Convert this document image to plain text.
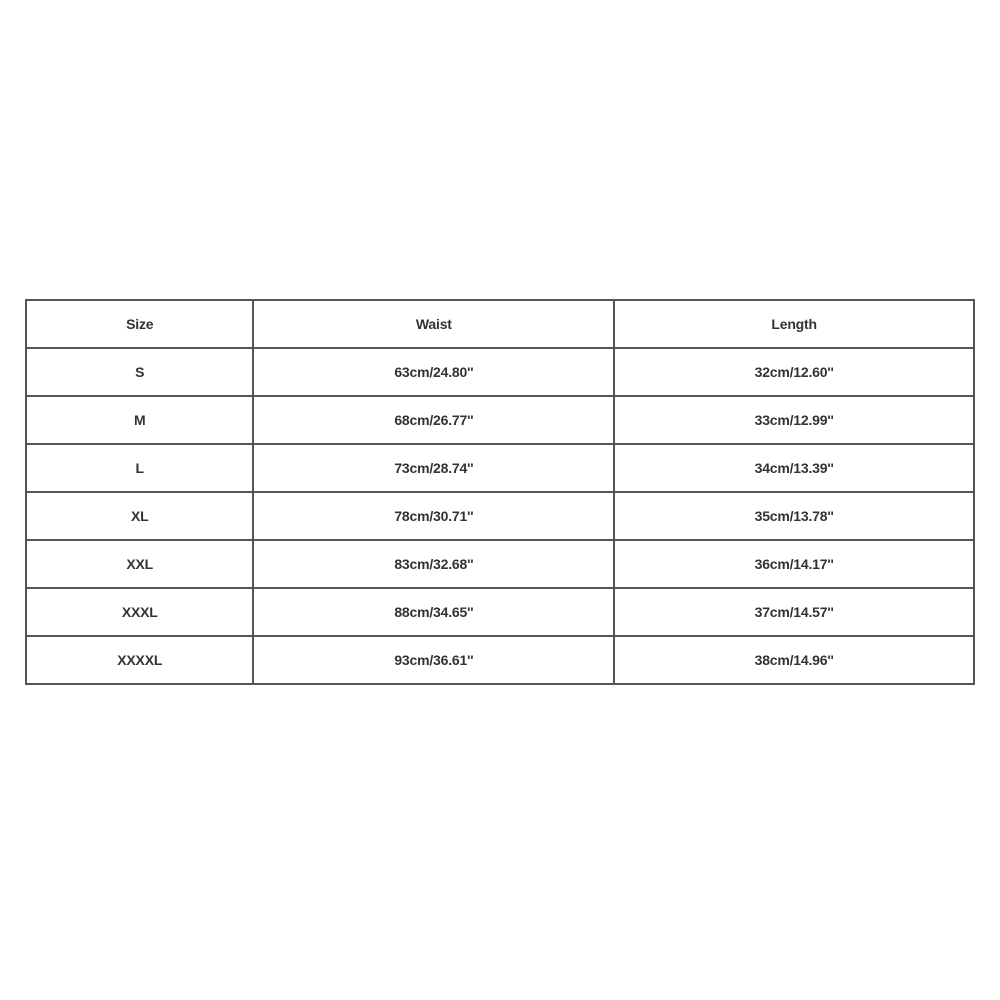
Size	Waist	Length
S	63cm/24.80''	32cm/12.60''
M	68cm/26.77''	33cm/12.99''
L	73cm/28.74''	34cm/13.39''
XL	78cm/30.71''	35cm/13.78''
XXL	83cm/32.68''	36cm/14.17''
XXXL	88cm/34.65''	37cm/14.57''
XXXXL	93cm/36.61''	38cm/14.96''
